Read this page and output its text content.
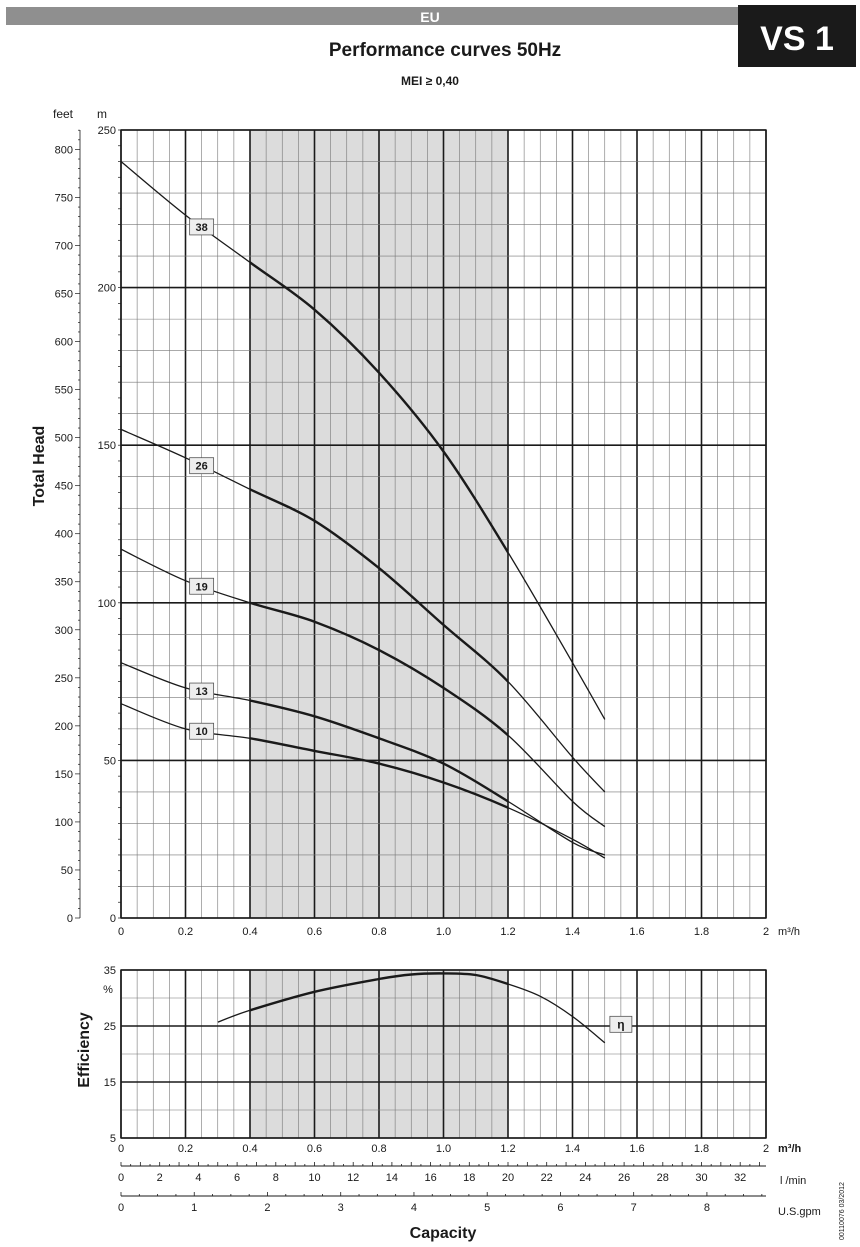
EU
VS 1
Performance curves 50Hz
MEI ≥ 0,40
0	0.2	0.4	0.6	0.8	1.0	1.2	1.4	1.6	1.8	2
0
50
100
150
200
250
38
26
19
13
10
0
50
100
150
200
250
300
350
400
450
500
550
600
650
700
750
800
feet m
Total Head
m³/h
0	0.2	0.4	0.6	0.8	1.0	1.2	1.4	1.6	1.8	2
5
15
25
35
η
%
Efficiency
m³/h
0	2	4	6	8	10 12 14 16 18 20 22 24 26 28 30 32
0	1	2	3	4	5	6	7	8
l /min
U.S.gpm
Capacity	00110076 03/2012
